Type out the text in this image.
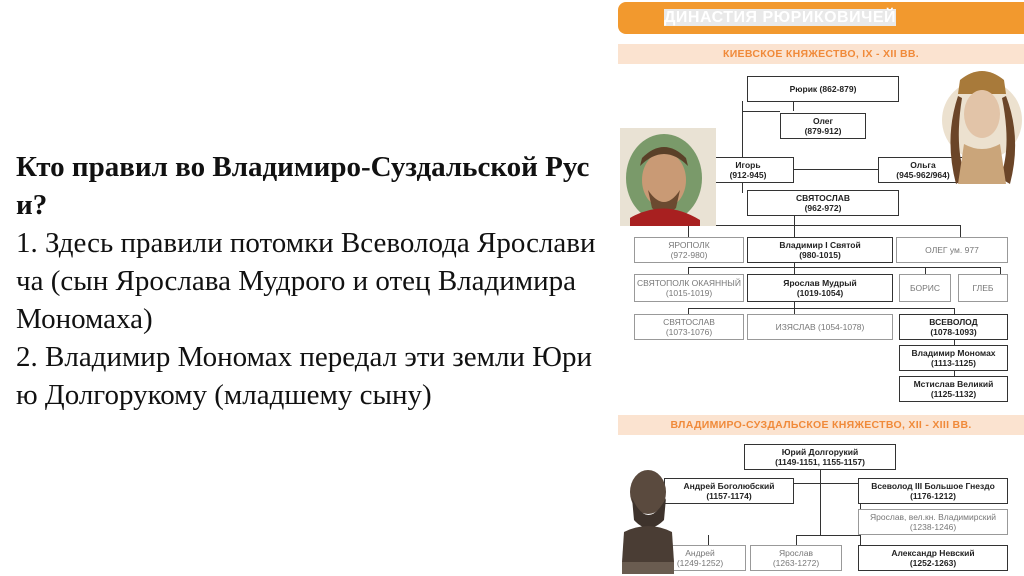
Кто правил во Владимиро-Суздальской Руси?

1. Здесь правили потомки Всеволода Ярославича (сын Ярослава Мудрого и отец Владимира Мономаха)

2. Владимир Мономах передал эти земли Юрию Долгорукому (младшему сыну)

ДИНАСТИЯ РЮРИКОВИЧЕЙ
КИЕВСКОЕ КНЯЖЕСТВО, IX - XII ВВ.
Рюрик (862-879)
Олег
(879-912)
Игорь
(912-945)
Ольга
(945-962/964)
СВЯТОСЛАВ
(962-972)
ЯРОПОЛК
(972-980)
Владимир I Святой
(980-1015)	ОЛЕГ ум. 977
СВЯТОПОЛК ОКАЯННЫЙ
(1015-1019)
Ярослав Мудрый
(1019-1054)	БОРИС	ГЛЕБ
СВЯТОСЛАВ
(1073-1076)	ИЗЯСЛАВ (1054-1078)	ВСЕВОЛОД
(1078-1093)
Владимир Мономах
(1113-1125)
Мстислав Великий
(1125-1132)
ВЛАДИМИРО-СУЗДАЛЬСКОЕ КНЯЖЕСТВО, XII - XIII ВВ.
Юрий Долгорукий
(1149-1151, 1155-1157)
Андрей Боголюбский
(1157-1174)
Всеволод III Большое Гнездо
(1176-1212)
Ярослав, вел.кн. Владимирский
(1238-1246)
Андрей
(1249-1252)
Ярослав
(1263-1272)
Александр Невский
(1252-1263)
